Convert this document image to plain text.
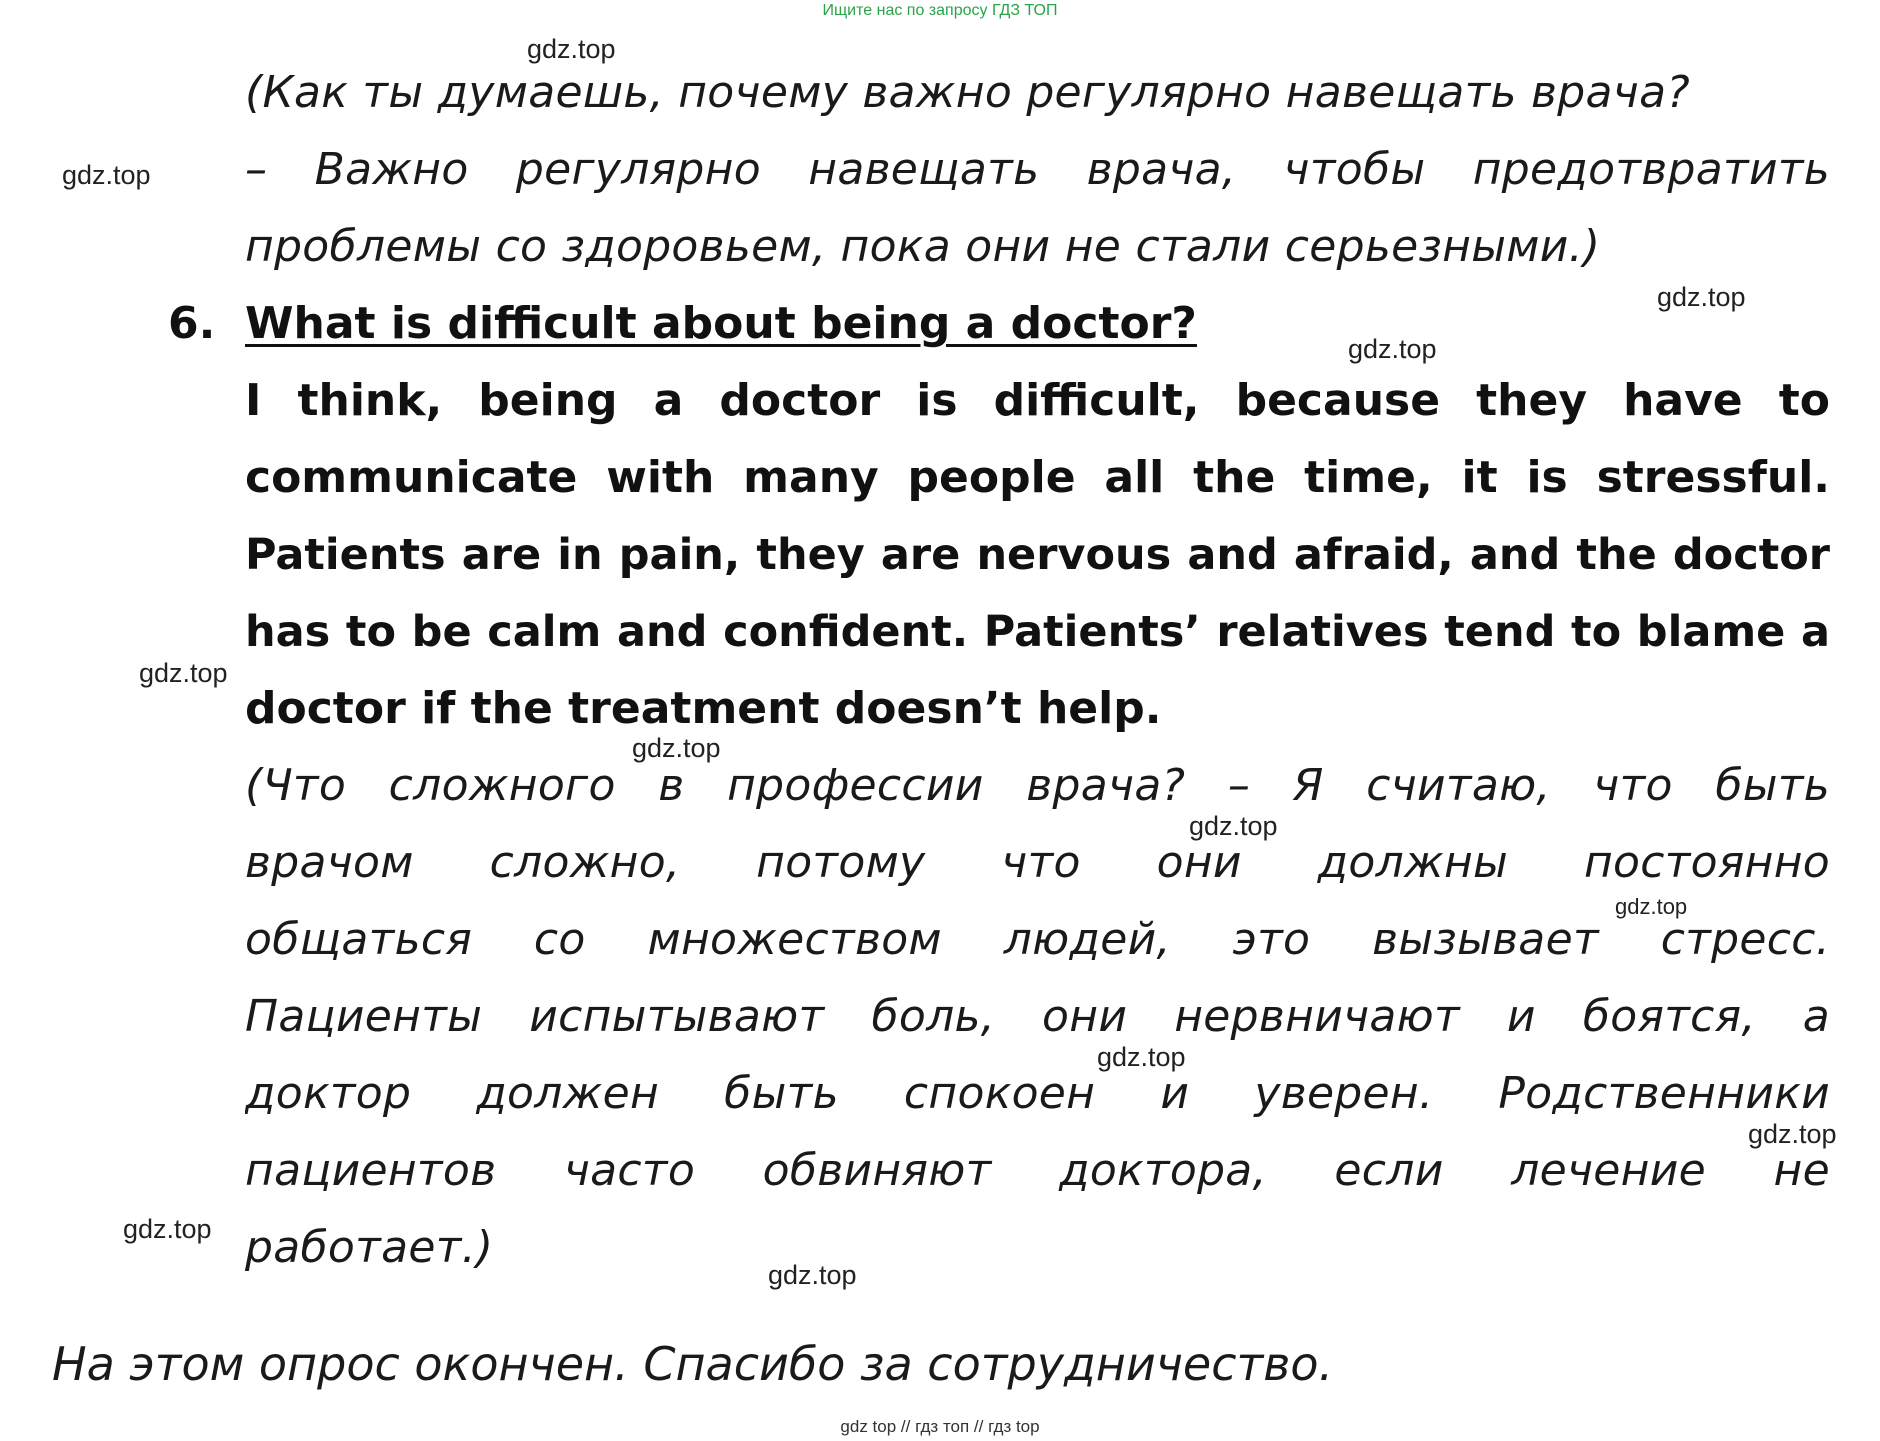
Ищите нас по запросу ГДЗ ТОП
gdz top // гдз топ // гдз top
gdz.top
gdz.top
gdz.top
gdz.top
gdz.top
gdz.top
gdz.top
gdz.top
gdz.top
gdz.top
gdz.top
gdz.top
(Как ты думаешь, почему важно регулярно навещать врача?
– Важно регулярно навещать врача, чтобы предотвратить
проблемы со здоровьем, пока они не стали серьезными.)
6. What is difficult about being a doctor?
I think, being a doctor is difficult, because they have to
communicate with many people all the time, it is stressful.
Patients are in pain, they are nervous and afraid, and the doctor
has to be calm and confident. Patients’ relatives tend to blame a
doctor if the treatment doesn’t help.
(Что сложного в профессии врача? – Я считаю, что быть
врачом сложно, потому что они должны постоянно
общаться со множеством людей, это вызывает стресс.
Пациенты испытывают боль, они нервничают и боятся, а
доктор должен быть спокоен и уверен. Родственники
пациентов часто обвиняют доктора, если лечение не
работает.)
На этом опрос окончен. Спасибо за сотрудничество.
